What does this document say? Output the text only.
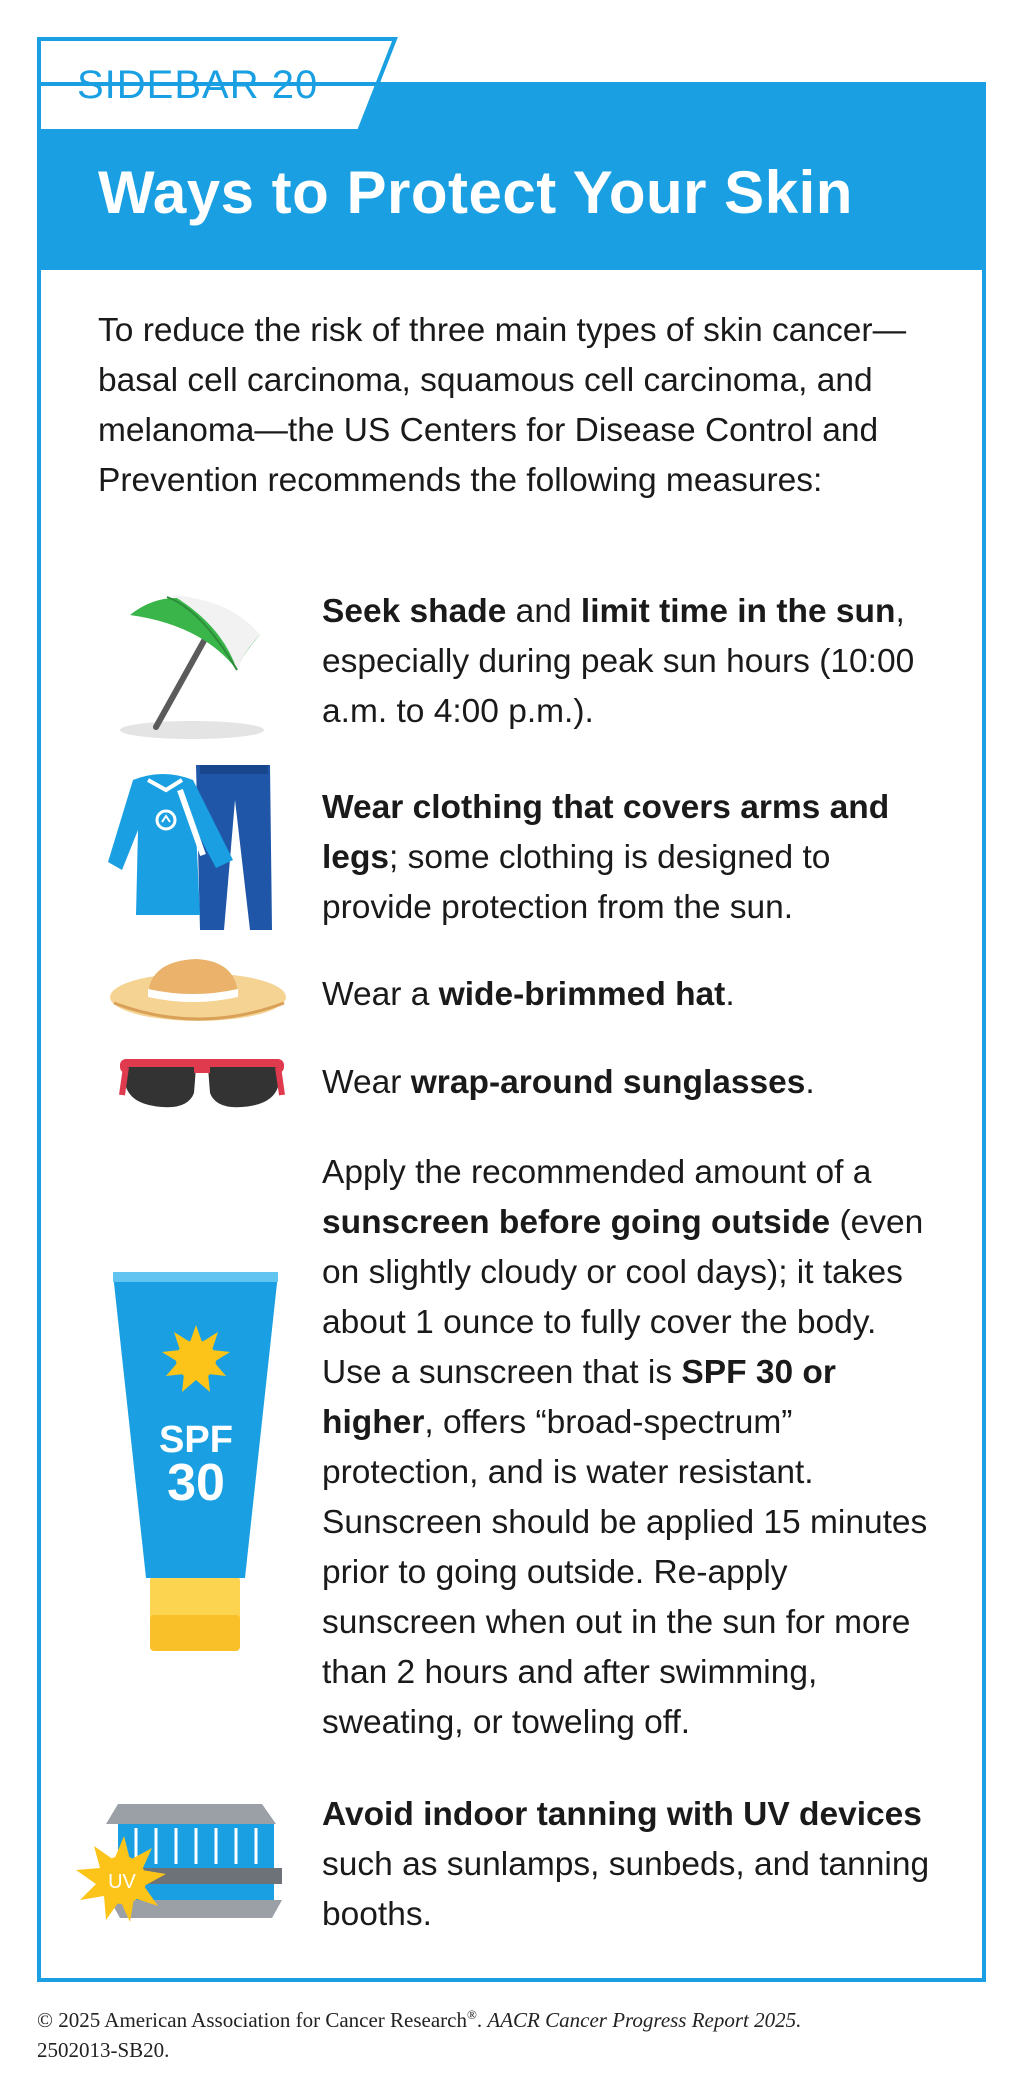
Ways to Protect Your Skin
SIDEBAR 20
To reduce the risk of three main types of skin cancer—basal cell carcinoma, squamous cell carcinoma, and melanoma—the US Centers for Disease Control and Prevention recommends the following measures:
SPF
30
UV
Seek shade and limit time in the sun, especially during peak sun hours (10:00 a.m. to 4:00 p.m.).
Wear clothing that covers arms and legs; some clothing is designed to provide protection from the sun.
Wear a wide-brimmed hat.
Wear wrap-around sunglasses.
Apply the recommended amount of a sunscreen before going outside (even on slightly cloudy or cool days); it takes about 1 ounce to fully cover the body. Use a sunscreen that is SPF 30 or higher, offers “broad-spectrum” protection, and is water resistant. Sunscreen should be applied 15 minutes prior to going outside. Re-apply sunscreen when out in the sun for more than 2 hours and after swimming, sweating, or toweling off.
Avoid indoor tanning with UV devices such as sunlamps, sunbeds, and tanning booths.
© 2025 American Association for Cancer Research®. AACR Cancer Progress Report 2025.
2502013-SB20.
